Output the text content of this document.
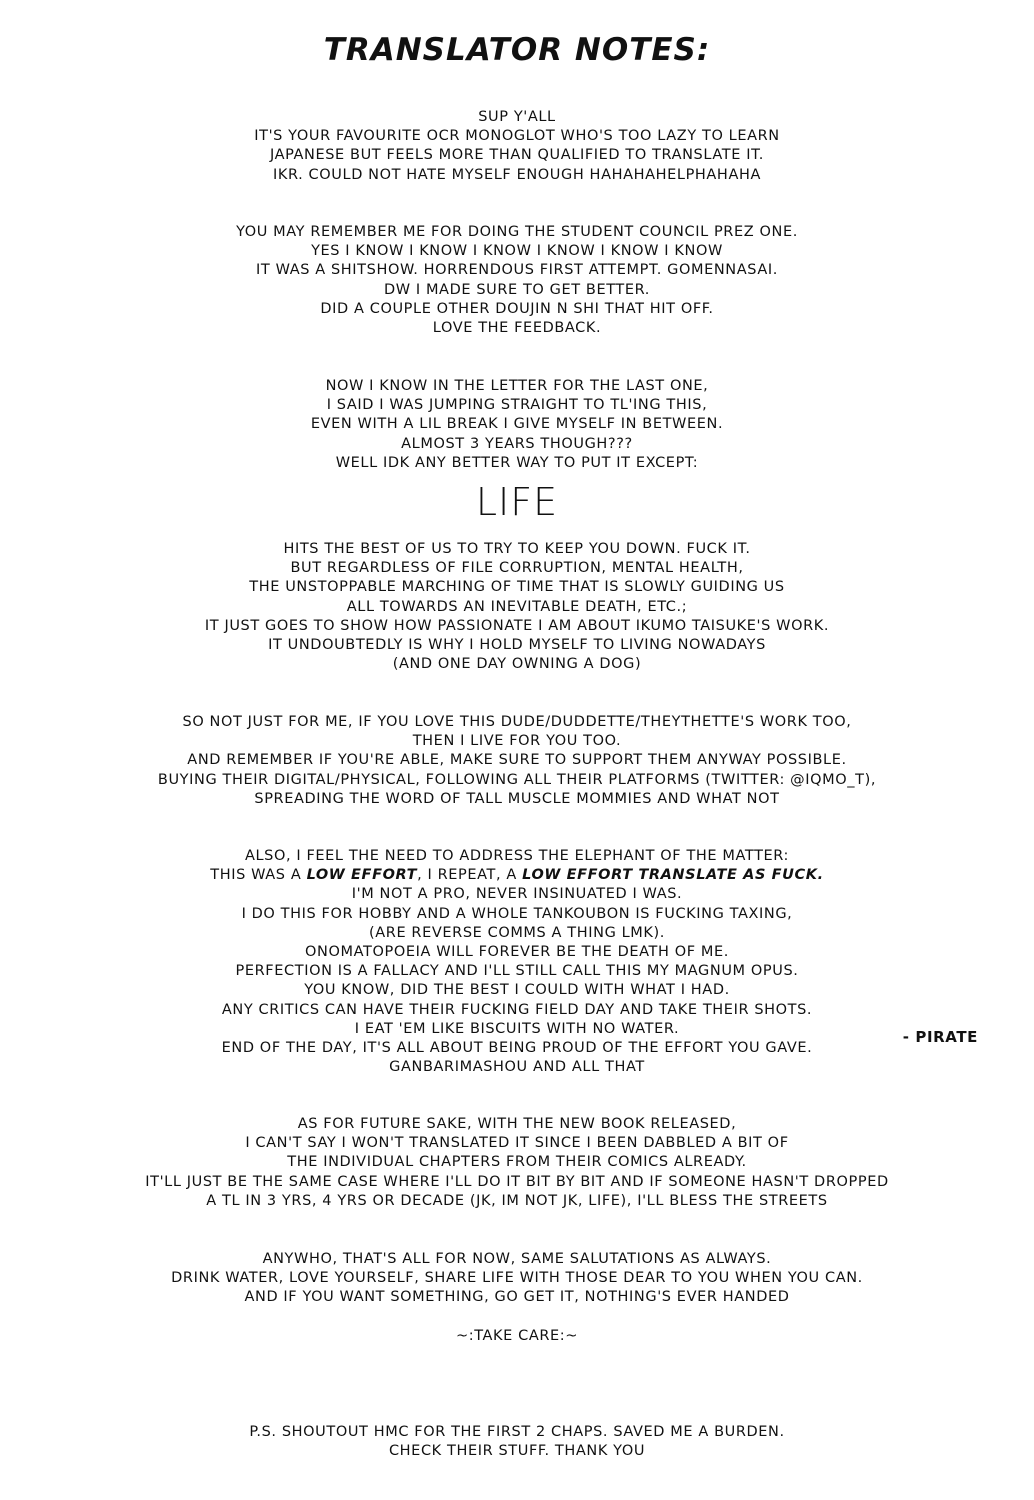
TRANSLATOR NOTES:
SUP Y'ALL
IT'S YOUR FAVOURITE OCR MONOGLOT WHO'S TOO LAZY TO LEARN
JAPANESE BUT FEELS MORE THAN QUALIFIED TO TRANSLATE IT.
IKR. COULD NOT HATE MYSELF ENOUGH HAHAHAHELPHAHAHA
YOU MAY REMEMBER ME FOR DOING THE STUDENT COUNCIL PREZ ONE.
YES I KNOW I KNOW I KNOW I KNOW I KNOW I KNOW
IT WAS A SHITSHOW. HORRENDOUS FIRST ATTEMPT. GOMENNASAI.
DW I MADE SURE TO GET BETTER.
DID A COUPLE OTHER DOUJIN N SHI THAT HIT OFF.
LOVE THE FEEDBACK.
NOW I KNOW IN THE LETTER FOR THE LAST ONE,
I SAID I WAS JUMPING STRAIGHT TO TL'ING THIS,
EVEN WITH A LIL BREAK I GIVE MYSELF IN BETWEEN.
ALMOST 3 YEARS THOUGH???
WELL IDK ANY BETTER WAY TO PUT IT EXCEPT:
LIFE
HITS THE BEST OF US TO TRY TO KEEP YOU DOWN. FUCK IT.
BUT REGARDLESS OF FILE CORRUPTION, MENTAL HEALTH,
THE UNSTOPPABLE MARCHING OF TIME THAT IS SLOWLY GUIDING US
ALL TOWARDS AN INEVITABLE DEATH, ETC.;
IT JUST GOES TO SHOW HOW PASSIONATE I AM ABOUT IKUMO TAISUKE'S WORK.
IT UNDOUBTEDLY IS WHY I HOLD MYSELF TO LIVING NOWADAYS
(AND ONE DAY OWNING A DOG)
SO NOT JUST FOR ME, IF YOU LOVE THIS DUDE/DUDDETTE/THEYTHETTE'S WORK TOO,
THEN I LIVE FOR YOU TOO.
AND REMEMBER IF YOU'RE ABLE, MAKE SURE TO SUPPORT THEM ANYWAY POSSIBLE.
BUYING THEIR DIGITAL/PHYSICAL, FOLLOWING ALL THEIR PLATFORMS (TWITTER: @IQMO_T),
SPREADING THE WORD OF TALL MUSCLE MOMMIES AND WHAT NOT
ALSO, I FEEL THE NEED TO ADDRESS THE ELEPHANT OF THE MATTER:
THIS WAS A LOW EFFORT, I REPEAT, A LOW EFFORT TRANSLATE AS FUCK.
I'M NOT A PRO, NEVER INSINUATED I WAS.
I DO THIS FOR HOBBY AND A WHOLE TANKOUBON IS FUCKING TAXING,
(ARE REVERSE COMMS A THING LMK).
ONOMATOPOEIA WILL FOREVER BE THE DEATH OF ME.
PERFECTION IS A FALLACY AND I'LL STILL CALL THIS MY MAGNUM OPUS.
YOU KNOW, DID THE BEST I COULD WITH WHAT I HAD.
ANY CRITICS CAN HAVE THEIR FUCKING FIELD DAY AND TAKE THEIR SHOTS.
I EAT 'EM LIKE BISCUITS WITH NO WATER.
END OF THE DAY, IT'S ALL ABOUT BEING PROUD OF THE EFFORT YOU GAVE.
GANBARIMASHOU AND ALL THAT
AS FOR FUTURE SAKE, WITH THE NEW BOOK RELEASED,
I CAN'T SAY I WON'T TRANSLATED IT SINCE I BEEN DABBLED A BIT OF
THE INDIVIDUAL CHAPTERS FROM THEIR COMICS ALREADY.
IT'LL JUST BE THE SAME CASE WHERE I'LL DO IT BIT BY BIT AND IF SOMEONE HASN'T DROPPED
A TL IN 3 YRS, 4 YRS OR DECADE (JK, IM NOT JK, LIFE), I'LL BLESS THE STREETS
ANYWHO, THAT'S ALL FOR NOW, SAME SALUTATIONS AS ALWAYS.
DRINK WATER, LOVE YOURSELF, SHARE LIFE WITH THOSE DEAR TO YOU WHEN YOU CAN.
AND IF YOU WANT SOMETHING, GO GET IT, NOTHING'S EVER HANDED
~:TAKE CARE:~
- PIRATE
P.S. SHOUTOUT HMC FOR THE FIRST 2 CHAPS. SAVED ME A BURDEN.
CHECK THEIR STUFF. THANK YOU
